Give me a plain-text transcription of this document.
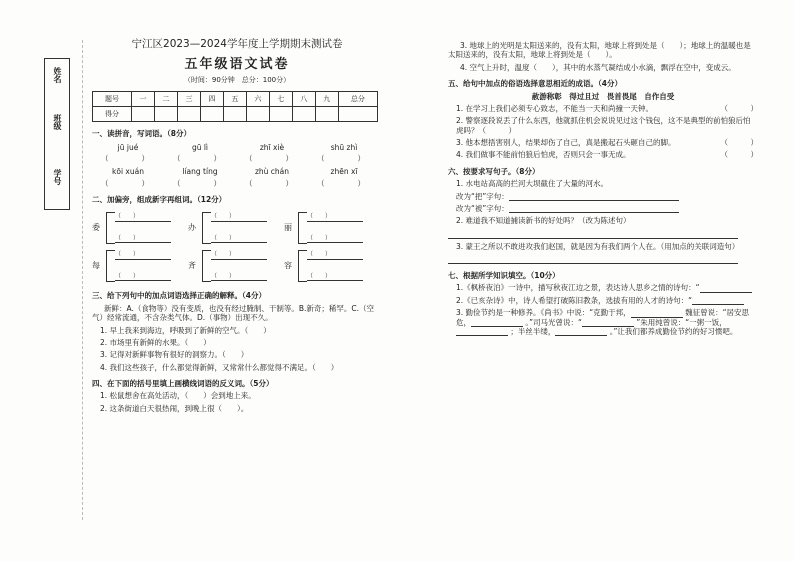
姓名
班级
学号
宁江区2023—2024学年度上学期期末测试卷
五年级语文试卷
（时间：90分钟　总分：100分）
题号	一	二	三	四	五	六	七	八	九	总分
得分										
一、读拼音，写词语。（8分）
jū jué	gū lì	zhī xiè	shū zhì
（　　）	（　　）	（　　）	（　　）
kōi xuán	líang tíng	zhù chán	zhēn xī
（　　）	（　　）	（　　）	（　　）
二、加偏旁，组成新字再组词。（12分）
委
（　　）
（　　）
办
（　　）
（　　）
丽
（　　）
（　　）
每
（　　）
（　　）
斉
（　　）
（　　）
容
（　　）
（　　）
三、给下列句中的加点词语选择正确的解释。（4分）
新鲜：A.（食物等）没有变质，也没有经过腌制、干制等。B.新奇；稀罕。C.（空气）经常流通，不含杂类气体。D.（事物）出现不久。
1. 早上我来到海边，呼吸到了新鲜的空气。（　　）
2. 市场里有新鲜的水果。（　　）
3. 记得对新鲜事物有很好的洞察力。（　　）
4. 我们这些孩子，什么都觉得新鲜，又常常什么都觉得不满足。（　　）
四、在下面的括号里填上画横线词语的反义词。（5分）
1. 松鼠想舍在高处活动，（　　）会到地上来。
2. 这条街道白天很热闹，到晚上很（　　）。
3. 地球上的光明是太阳送来的，没有太阳，地球上将到处是（　　）；地球上的温暖也是太阳送来的，没有太阳，地球上将到处是（　　）。
4. 空气上升时，温度（　　），其中的水蒸气凝结成小水滴，飘浮在空中，变成云。
五、给句中加点的俗语选择意思相近的成语。（4分）
赦游称彰　得过且过　畏首畏尾　自作自受
1. 在学习上我们必须专心致志，不能当一天和尚撞一天钟。	（　　　）
2. 警察逐段说丢了什么东西，他就抓住机会说说见过这个钱包，这不是典型的前怕狼后怕虎吗？（　　　）
3. 他本想捂害别人，结果却伤了自己，真是搬起石头砸自己的脚。	（　　　）
4. 我们做事不能前怕狼后怕虎，否则只会一事无成。	（　　　）
六、按要求写句子。（8分）
1. 水电站高高的拦河大坝截住了大量的河水。
改为“把”字句：
改为“被”字句：
2. 难道我不知道捕读新书的好处吗？（改为陈述句）
3. 蒙王之所以不敢进攻我们赵国，就是因为有我们两个人在。（用加点的关联词造句）
七、根据所学知识填空。（10分）
1.《枫桥夜泊》一诗中，描写秋夜江边之景，表达诗人思乡之情的诗句：“
2.《已亥杂诗》中，诗人希望打破陈旧教条，选拔有用的人才的诗句：“
3. 勤俭节约是一种修养。《尚书》中说：“克勤于邦，	魏征曾说：“居安思危，	。”司马光曾说：“	”朱用纯曾说：“一粥一饭， ；半丝半缕，	。”让我们都养成勤俭节约的好习惯吧。
